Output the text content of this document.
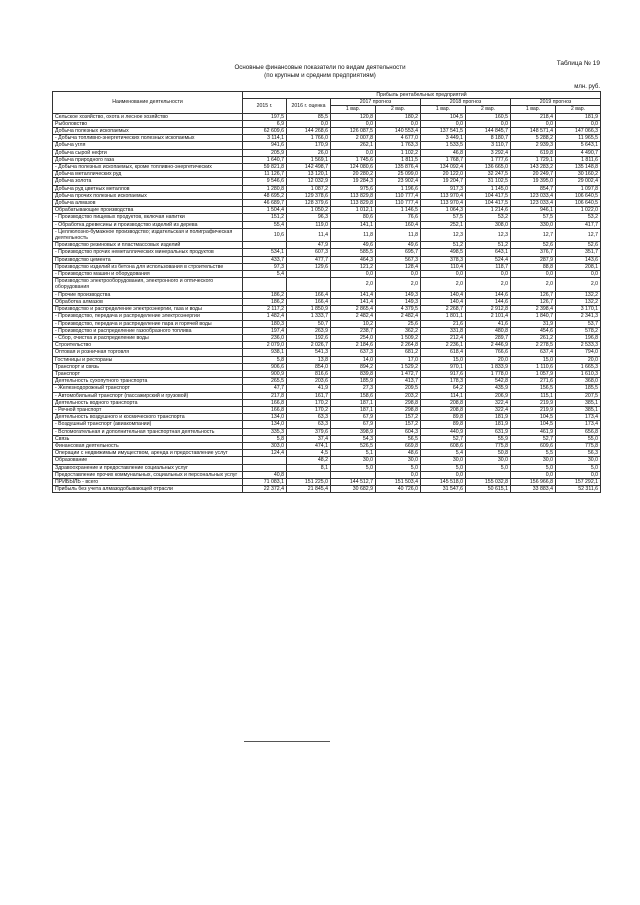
Таблица № 19
Основные финансовые показатели по видам деятельности
(по крупным и средним предприятиям)
млн. руб.
Наименование деятельности	Прибыль рентабельных предприятий							
	2015 г.	2016 г. оценка	2017 прогноз		2018 прогноз		2019 прогноз	
			1 вар.	2 вар.	1 вар.	2 вар.	1 вар.	2 вар.
Сельское хозяйство, охота и лесное хозяйство	197,5	85,5	120,8	180,2	104,5	160,5	218,4	181,9
Рыболовство	6,9	0,0	0,0	0,0	0,0	0,0	0,0	0,0
Добыча полезных ископаемых	62 609,6	144 268,6	126 087,5	140 553,4	137 541,5	144 845,7	148 571,4	147 066,3
- Добыча топливно-энергетических полезных ископаемых	3 114,1	1 766,0	2 007,8	4 677,0	3 449,1	8 180,7	5 288,2	11 965,5
Добыча угля	941,6	170,9	262,1	1 763,3	1 533,5	3 110,7	2 939,3	5 643,1
Добыча сырой нефти	205,9	26,0	0,0	1 102,2	46,8	3 292,4	619,8	4 490,7
Добыча природного газа	1 640,7	1 569,1	1 745,6	1 811,5	1 768,7	1 777,6	1 729,1	1 811,6
- Добыча полезных ископаемых, кроме топливно-энергетических	59 821,8	142 498,7	124 080,6	135 876,4	134 092,4	136 665,0	143 283,2	135 148,8
Добыча металлических руд	11 126,7	13 120,1	20 280,2	25 099,0	20 122,0	32 247,5	20 249,7	30 160,2
Добыча золота	9 546,6	12 032,9	19 284,3	23 902,4	19 204,7	31 102,5	19 395,0	29 002,4
Добыча руд цветных металлов	1 280,8	1 087,2	975,6	1 196,6	917,3	1 145,0	854,7	1 097,8
Добыча прочих полезных ископаемых	48 695,2	129 378,6	113 829,8	110 777,4	113 970,4	104 417,5	123 033,4	106 640,5
Добыча алмазов	46 689,7	128 379,6	113 829,8	110 777,4	113 970,4	104 417,5	123 033,4	106 640,5
Обрабатывающие производства	1 504,4	1 050,2	1 012,1	1 146,5	1 064,3	1 214,6	946,1	1 022,0
- Производство пищевых продуктов, включая напитки	151,2	96,3	80,6	76,6	57,5	53,2	57,5	53,2
- Обработка древесины и производство изделий из дерева	55,4	119,0	141,1	160,4	252,1	308,0	330,0	417,7
- Целлюлозно-бумажное производство; издательская и полиграфическая деятельность	10,6	11,4	11,8	11,8	12,3	12,3	12,7	12,7
Производство резиновых и пластмассовых изделий		47,9	49,6	49,6	51,2	51,2	52,6	52,6
- Производство прочих неметаллических минеральных продуктов	534,1	607,3	585,5	695,7	498,5	643,1	376,7	351,7
Производство цемента	433,7	477,7	464,3	567,3	378,3	524,4	287,9	143,6
Производство изделий из бетона для использования в строительстве	97,3	129,6	121,2	128,4	110,4	118,7	88,8	208,1
- Производство машин и оборудования	5,4		0,0	0,0	0,0	0,0	0,0	0,0
Производство электрооборудования, электронного и оптического оборудования			2,0	2,0	2,0	2,0	2,0	2,0
- Прочие производства	186,2	166,4	141,4	149,3	140,4	144,6	126,7	132,2
Обработка алмазов	186,2	166,4	141,4	149,3	140,4	144,6	126,7	132,2
Производство и распределение электроэнергии, газа и воды	2 117,2	1 850,9	2 865,4	4 379,5	2 268,7	2 912,8	2 398,4	3 170,1
- Производство, передача и распределение электроэнергии	1 482,4	1 333,7	2 482,4	2 482,4	1 801,1	2 101,4	1 840,7	2 341,3
- Производство, передача и распределение пара и горячей воды	180,3	50,7	10,2	25,6	21,6	41,6	31,9	53,7
- Производство и распределение газообразного топлива	197,4	263,9	238,7	362,2	331,8	480,8	454,6	578,2
- Сбор, очистка и распределение воды	236,0	192,6	254,0	1 509,2	212,4	289,7	261,2	196,8
Строительство	2 079,0	2 026,7	2 184,6	2 264,8	2 236,1	2 446,9	2 278,5	2 533,3
Оптовая и розничная торговля	938,1	541,3	637,3	681,2	618,4	766,6	637,4	794,0
Гостиницы и рестораны	5,8	13,8	14,0	17,0	15,0	20,0	15,0	20,0
Транспорт и связь	906,6	854,0	894,2	1 529,2	970,1	1 833,9	1 110,6	1 665,3
Транспорт	900,9	816,6	839,8	1 472,7	917,6	1 778,0	1 057,9	1 610,3
Деятельность сухопутного транспорта	265,5	203,6	185,9	413,7	178,3	542,8	271,6	368,0
- Железнодорожный транспорт	47,7	41,9	27,3	209,5	64,2	435,9	156,5	185,5
- Автомобильный транспорт (пассажирский и грузовой)	217,8	161,7	158,6	203,2	114,1	206,9	115,1	207,5
Деятельность водного транспорта	166,8	170,2	187,1	298,8	208,8	322,4	219,9	385,1
- Речной транспорт	166,8	170,2	187,1	298,8	208,8	322,4	219,9	385,1
Деятельность воздушного и космического транспорта	134,0	63,3	67,9	157,2	89,8	181,9	104,5	173,4
- Воздушный транспорт (авиакомпании)	134,0	63,3	67,9	157,2	89,8	181,9	104,5	173,4
- Вспомогательная и дополнительная транспортная деятельность	335,3	379,6	398,9	604,3	440,9	631,9	461,9	656,8
Связь	5,8	37,4	54,3	56,5	52,7	55,9	52,7	55,0
Финансовая деятельность	303,0	474,1	526,5	669,8	608,6	775,8	609,6	775,8
Операции с недвижимым имуществом, аренда и предоставление услуг	124,4	4,5	5,1	48,6	5,4	50,8	5,5	56,3
Образование		48,2	30,0	30,0	30,0	30,0	30,0	30,0
Здравоохранение и предоставление социальных услуг		8,1	5,0	5,0	5,0	5,0	5,0	5,0
Предоставление прочих коммунальных, социальных и персональных услуг	40,8			0,0	0,0		0,0	0,0
ПРИБЫЛЬ - всего	71 083,1	151 225,0	144 512,7	151 503,4	145 518,0	155 032,8	156 966,8	157 292,1
Прибыль без учета алмазодобывающей отрасли	22 372,4	21 845,4	30 682,9	40 726,0	31 547,6	50 615,1	33 883,4	52 311,6
